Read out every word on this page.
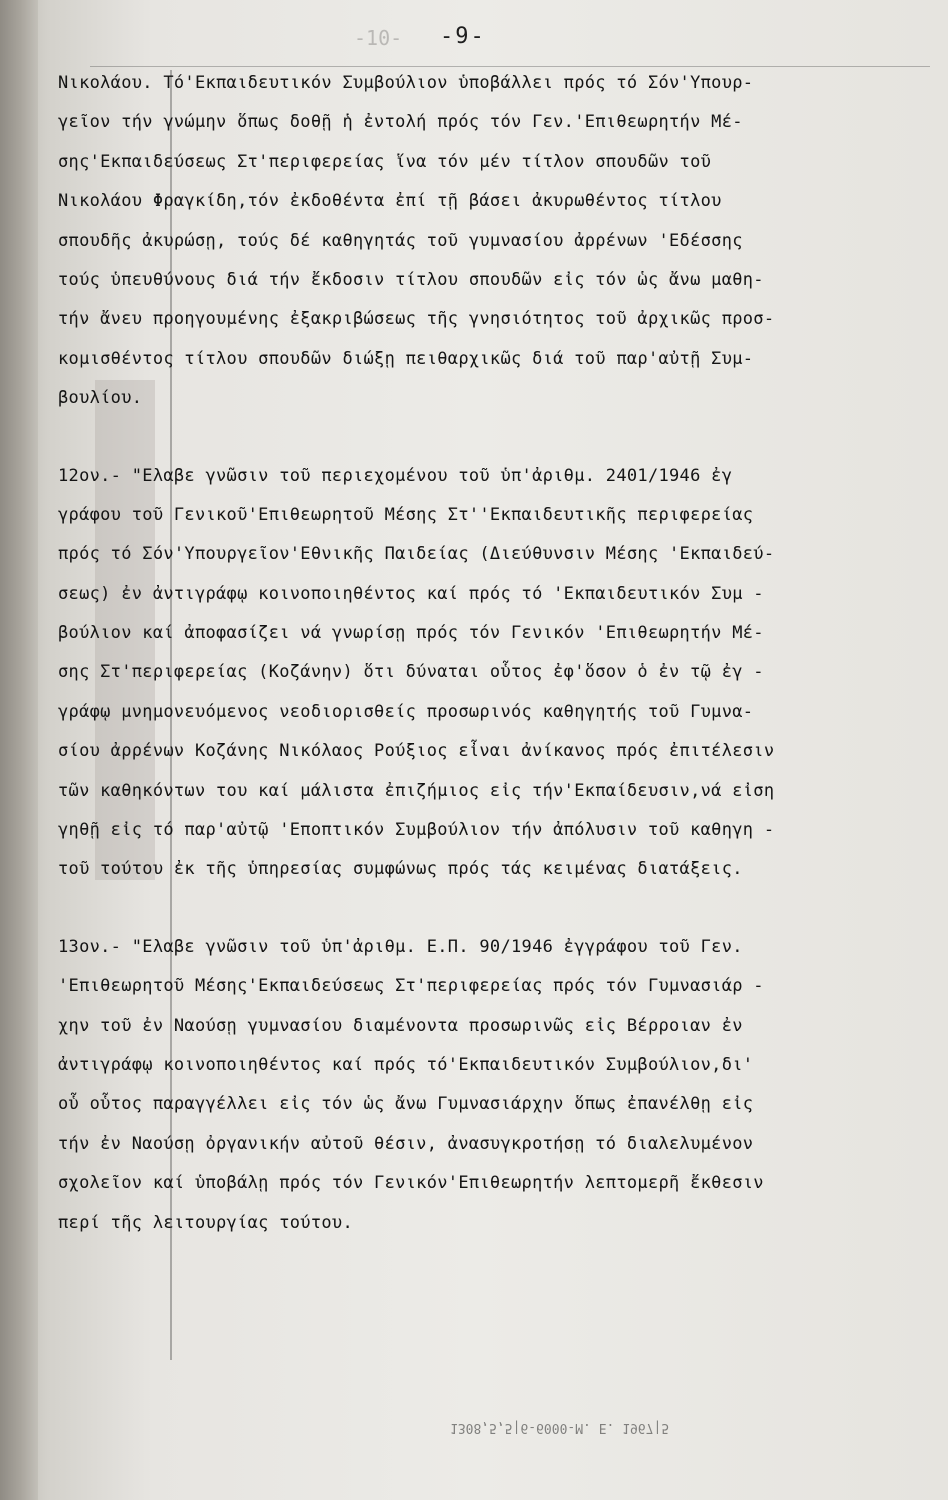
-10- -9-
Νικολάου. Τό'Εκπαιδευτικόν Συμβούλιον ὑποβάλλει πρός τό Σόν'Υπουρ-
γεῖον τήν γνώμην ὅπως δοθῇ ἡ ἐντολή πρός τόν Γεν.'Επιθεωρητήν Μέ-
σης'Εκπαιδεύσεως Στ'περιφερείας ἵνα τόν μέν τίτλον σπουδῶν τοῦ
Νικολάου Φραγκίδη,τόν ἐκδοθέντα ἐπί τῇ βάσει ἀκυρωθέντος τίτλου
σπουδῆς ἀκυρώσῃ, τούς δέ καθηγητάς τοῦ γυμνασίου ἀρρένων 'Εδέσσης
τούς ὑπευθύνους διά τήν ἔκδοσιν τίτλου σπουδῶν εἰς τόν ὡς ἄνω μαθη-
τήν ἄνευ προηγουμένης ἐξακριβώσεως τῆς γνησιότητος τοῦ ἀρχικῶς προσ-
κομισθέντος τίτλου σπουδῶν διώξῃ πειθαρχικῶς διά τοῦ παρ'αὐτῇ Συμ-
βουλίου.
12ον.- "Ελαβε γνῶσιν τοῦ περιεχομένου τοῦ ὑπ'ἀριθμ. 2401/1946 ἐγ
γράφου τοῦ Γενικοῦ'Επιθεωρητοῦ Μέσης Στ''Εκπαιδευτικῆς περιφερείας
πρός τό Σόν'Υπουργεῖον'Εθνικῆς Παιδείας (Διεύθυνσιν Μέσης 'Εκπαιδεύ-
σεως) ἐν ἀντιγράφῳ κοινοποιηθέντος καί πρός τό 'Εκπαιδευτικόν Συμ -
βούλιον καί ἀποφασίζει νά γνωρίσῃ πρός τόν Γενικόν 'Επιθεωρητήν Μέ-
σης Στ'περιφερείας (Κοζάνην) ὅτι δύναται οὗτος ἐφ'ὅσον ὁ ἐν τῷ ἐγ -
γράφῳ μνημονευόμενος νεοδιορισθείς προσωρινός καθηγητής τοῦ Γυμνα-
σίου ἀρρένων Κοζάνης Νικόλαος Ρούξιος εἶναι ἀνίκανος πρός ἐπιτέλεσιν
τῶν καθηκόντων του καί μάλιστα ἐπιζήμιος εἰς τήν'Εκπαίδευσιν,νά εἰση
γηθῇ εἰς τό παρ'αὐτῷ 'Εποπτικόν Συμβούλιον τήν ἀπόλυσιν τοῦ καθηγη -
τοῦ τούτου ἐκ τῆς ὑπηρεσίας συμφώνως πρός τάς κειμένας διατάξεις.
13ον.- "Ελαβε γνῶσιν τοῦ ὑπ'ἀριθμ. Ε.Π. 90/1946 ἐγγράφου τοῦ Γεν.
'Επιθεωρητοῦ Μέσης'Εκπαιδεύσεως Στ'περιφερείας πρός τόν Γυμνασιάρ -
χην τοῦ ἐν Ναούσῃ γυμνασίου διαμένοντα προσωρινῶς εἰς Βέρροιαν ἐν
ἀντιγράφῳ κοινοποιηθέντος καί πρός τό'Εκπαιδευτικόν Συμβούλιον,δι'
οὗ οὗτος παραγγέλλει εἰς τόν ὡς ἄνω Γυμνασιάρχην ὅπως ἐπανέλθῃ εἰς
τήν ἐν Ναούσῃ ὀργανικήν αὐτοῦ θέσιν, ἀνασυγκροτήσῃ τό διαλελυμένον
σχολεῖον καί ὑποβάλῃ πρός τόν Γενικόν'Επιθεωρητήν λεπτομερῆ ἔκθεσιν
περί τῆς λειτουργίας τούτου.
1308,5,5|6-6000-M. E. 1967|5
